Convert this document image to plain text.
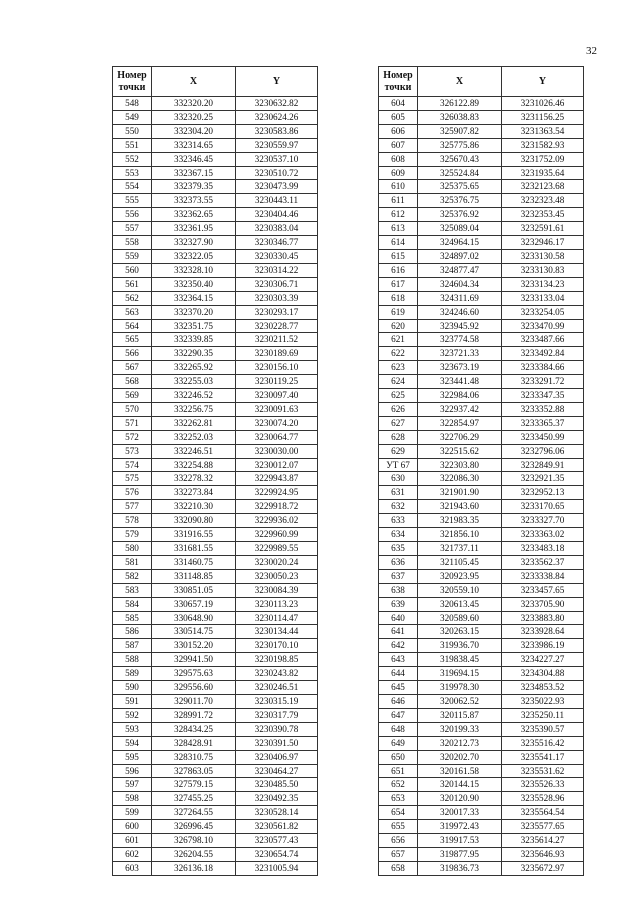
32
Номер точки	X	Y
548	332320.20	3230632.82
549	332320.25	3230624.26
550	332304.20	3230583.86
551	332314.65	3230559.97
552	332346.45	3230537.10
553	332367.15	3230510.72
554	332379.35	3230473.99
555	332373.55	3230443.11
556	332362.65	3230404.46
557	332361.95	3230383.04
558	332327.90	3230346.77
559	332322.05	3230330.45
560	332328.10	3230314.22
561	332350.40	3230306.71
562	332364.15	3230303.39
563	332370.20	3230293.17
564	332351.75	3230228.77
565	332339.85	3230211.52
566	332290.35	3230189.69
567	332265.92	3230156.10
568	332255.03	3230119.25
569	332246.52	3230097.40
570	332256.75	3230091.63
571	332262.81	3230074.20
572	332252.03	3230064.77
573	332246.51	3230030.00
574	332254.88	3230012.07
575	332278.32	3229943.87
576	332273.84	3229924.95
577	332210.30	3229918.72
578	332090.80	3229936.02
579	331916.55	3229960.99
580	331681.55	3229989.55
581	331460.75	3230020.24
582	331148.85	3230050.23
583	330851.05	3230084.39
584	330657.19	3230113.23
585	330648.90	3230114.47
586	330514.75	3230134.44
587	330152.20	3230170.10
588	329941.50	3230198.85
589	329575.63	3230243.82
590	329556.60	3230246.51
591	329011.70	3230315.19
592	328991.72	3230317.79
593	328434.25	3230390.78
594	328428.91	3230391.50
595	328310.75	3230406.97
596	327863.05	3230464.27
597	327579.15	3230485.50
598	327455.25	3230492.35
599	327264.55	3230528.14
600	326996.45	3230561.82
601	326798.10	3230577.43
602	326204.55	3230654.74
603	326136.18	3231005.94
Номер точки	X	Y
604	326122.89	3231026.46
605	326038.83	3231156.25
606	325907.82	3231363.54
607	325775.86	3231582.93
608	325670.43	3231752.09
609	325524.84	3231935.64
610	325375.65	3232123.68
611	325376.75	3232323.48
612	325376.92	3232353.45
613	325089.04	3232591.61
614	324964.15	3232946.17
615	324897.02	3233130.58
616	324877.47	3233130.83
617	324604.34	3233134.23
618	324311.69	3233133.04
619	324246.60	3233254.05
620	323945.92	3233470.99
621	323774.58	3233487.66
622	323721.33	3233492.84
623	323673.19	3233384.66
624	323441.48	3233291.72
625	322984.06	3233347.35
626	322937.42	3233352.88
627	322854.97	3233365.37
628	322706.29	3233450.99
629	322515.62	3232796.06
УТ 67	322303.80	3232849.91
630	322086.30	3232921.35
631	321901.90	3232952.13
632	321943.60	3233170.65
633	321983.35	3233327.70
634	321856.10	3233363.02
635	321737.11	3233483.18
636	321105.45	3233562.37
637	320923.95	3233338.84
638	320559.10	3233457.65
639	320613.45	3233705.90
640	320589.60	3233883.80
641	320263.15	3233928.64
642	319936.70	3233986.19
643	319838.45	3234227.27
644	319694.15	3234304.88
645	319978.30	3234853.52
646	320062.52	3235022.93
647	320115.87	3235250.11
648	320199.33	3235390.57
649	320212.73	3235516.42
650	320202.70	3235541.17
651	320161.58	3235531.62
652	320144.15	3235526.33
653	320120.90	3235528.96
654	320017.33	3235564.54
655	319972.43	3235577.65
656	319917.53	3235614.27
657	319877.95	3235646.93
658	319836.73	3235672.97
